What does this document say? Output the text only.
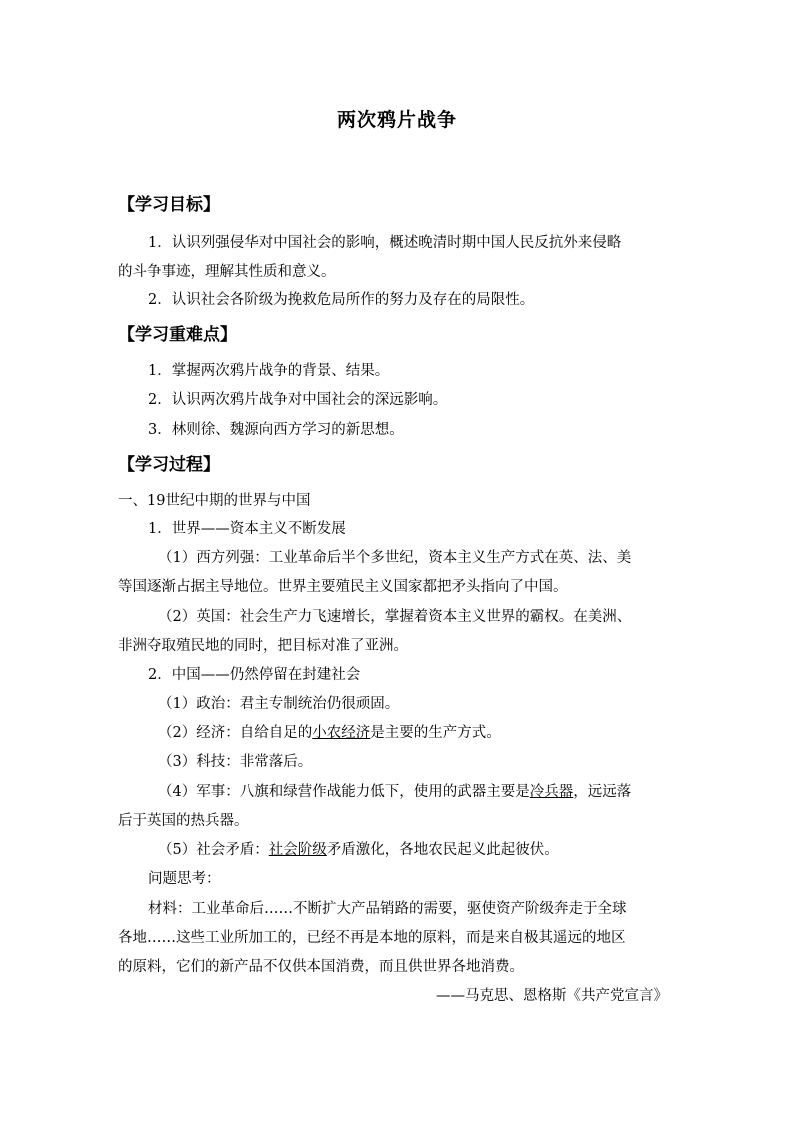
两次鸦片战争
【学习目标】
1．认识列强侵华对中国社会的影响，概述晚清时期中国人民反抗外来侵略
的斗争事迹，理解其性质和意义。
2．认识社会各阶级为挽救危局所作的努力及存在的局限性。
【学习重难点】
1．掌握两次鸦片战争的背景、结果。
2．认识两次鸦片战争对中国社会的深远影响。
3．林则徐、魏源向西方学习的新思想。
【学习过程】
一、19世纪中期的世界与中国
1．世界——资本主义不断发展
（1）西方列强：工业革命后半个多世纪，资本主义生产方式在英、法、美
等国逐渐占据主导地位。世界主要殖民主义国家都把矛头指向了中国。
（2）英国：社会生产力飞速增长，掌握着资本主义世界的霸权。在美洲、
非洲夺取殖民地的同时，把目标对准了亚洲。
2．中国——仍然停留在封建社会
（1）政治：君主专制统治仍很顽固。
（2）经济：自给自足的小农经济是主要的生产方式。
（3）科技：非常落后。
（4）军事：八旗和绿营作战能力低下，使用的武器主要是冷兵器，远远落
后于英国的热兵器。
（5）社会矛盾：社会阶级矛盾激化，各地农民起义此起彼伏。
问题思考：
材料：工业革命后……不断扩大产品销路的需要，驱使资产阶级奔走于全球
各地……这些工业所加工的，已经不再是本地的原料，而是来自极其遥远的地区
的原料，它们的新产品不仅供本国消费，而且供世界各地消费。
——马克思、恩格斯《共产党宣言》
